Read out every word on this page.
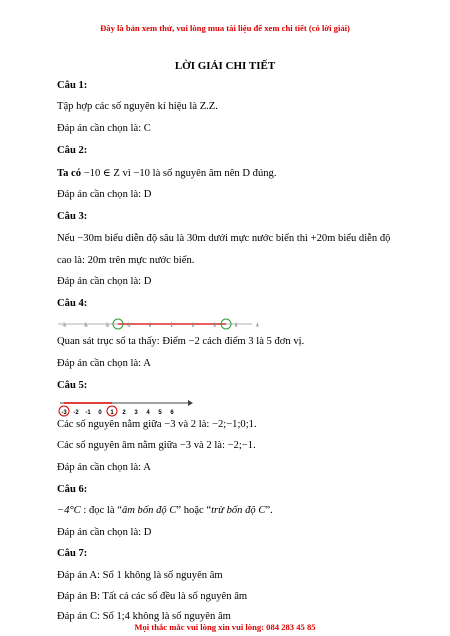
Đây là bản xem thử, vui lòng mua tài liệu để xem chi tiết (có lời giải)
LỜI GIẢI CHI TIẾT
Câu 1:
Tập hợp các số nguyên kí hiệu là Z.Z.
Đáp án cần chọn là: C
Câu 2:
Ta có −10 ∈ Z vì −10 là số nguyên âm nên D đúng.
Đáp án cần chọn là: D
Câu 3:
Nếu −30m biểu diễn độ sâu là 30m dưới mực nước biển thì +20m biểu diễn độ
cao là: 20m trên mực nước biển.
Đáp án cần chọn là: D
Câu 4:
-4	-3	-2	-1	0	1	2	3	4	5
Quan sát trục số ta thấy: Điểm −2 cách điểm 3 là 5 đơn vị.
Đáp án cần chọn là: A
Câu 5:
-3 -2 -1 0 1 2 3 4 5 6
Các số nguyên nằm giữa −3 và 2 là: −2;−1;0;1.
Các số nguyên âm nằm giữa −3 và 2 là: −2;−1.
Đáp án cần chọn là: A
Câu 6:
−4°C : đọc là “âm bốn độ C” hoặc “trừ bốn độ C”.
Đáp án cần chọn là: D
Câu 7:
Đáp án A: Số 1 không là số nguyên âm
Đáp án B: Tất cả các số đều là số nguyên âm
Đáp án C: Số 1;4 không là số nguyên âm
Mọi thắc mắc vui lòng xin vui lòng: 084 283 45 85
